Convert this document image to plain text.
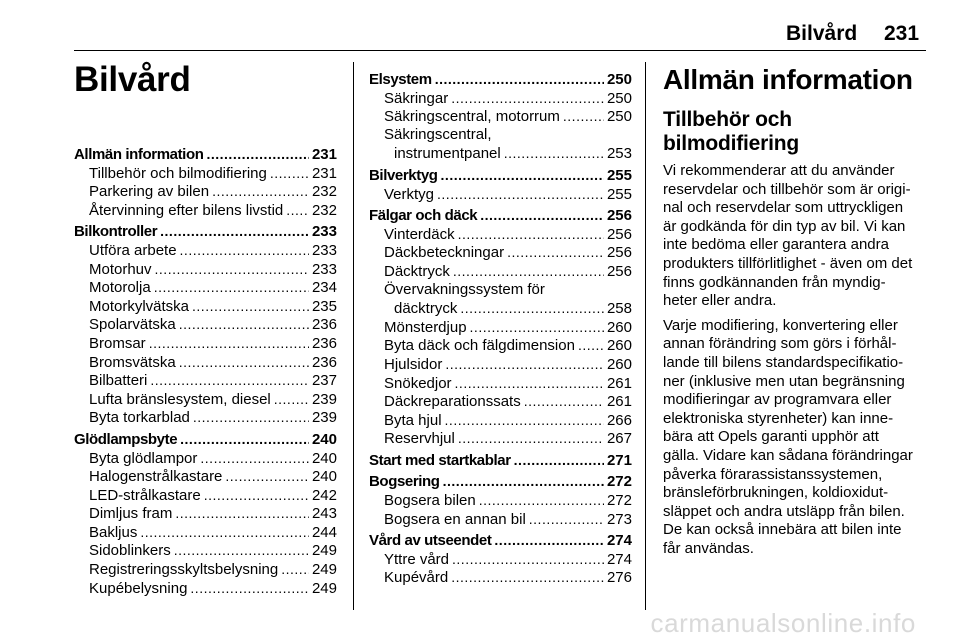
Bilvård 231
Bilvård
Allmän information .....	231
Tillbehör och bilmodifiering .....	231
Parkering av bilen .....	232
Återvinning efter bilens livstid ..... 232
Bilkontroller .....	233
Utföra arbete .....	233
Motorhuv .....	233
Motorolja .....	234
Motorkylvätska .....	235
Spolarvätska .....	236
Bromsar .....	236
Bromsvätska .....	236
Bilbatteri .....	237
Lufta bränslesystem, diesel .....	239
Byta torkarblad .....	239
Glödlampsbyte .....	240
Byta glödlampor .....	240
Halogenstrålkastare .....	240
LED-strålkastare .....	242
Dimljus fram .....	243
Bakljus .....	244
Sidoblinkers .....	249
Registreringsskyltsbelysning ..... 249
Kupébelysning .....	249
Elsystem .....	250
Säkringar .....	250
Säkringscentral, motorrum .....	250
Säkringscentral,
instrumentpanel .....	253
Bilverktyg .....	255
Verktyg .....	255
Fälgar och däck .....	256
Vinterdäck .....	256
Däckbeteckningar .....	256
Däcktryck .....	256
Övervakningssystem för
däcktryck .....	258
Mönsterdjup .....	260
Byta däck och fälgdimension ..... 260
Hjulsidor .....	260
Snökedjor .....	261
Däckreparationssats .....	261
Byta hjul .....	266
Reservhjul .....	267
Start med startkablar .....	271
Bogsering .....	272
Bogsera bilen .....	272
Bogsera en annan bil .....	273
Vård av utseendet .....	274
Yttre vård .....	274
Kupévård .....	276
Allmän information
Tillbehör och bilmodifiering
Vi rekommenderar att du använder
reservdelar och tillbehör som är origi-
nal och reservdelar som uttryckligen
är godkända för din typ av bil. Vi kan
inte bedöma eller garantera andra
produkters tillförlitlighet - även om det
finns godkännanden från myndig-
heter eller andra.
Varje modifiering, konvertering eller
annan förändring som görs i förhål-
lande till bilens standardspecifikatio-
ner (inklusive men utan begränsning
modifieringar av programvara eller
elektroniska styrenheter) kan inne-
bära att Opels garanti upphör att
gälla. Vidare kan sådana förändringar
påverka förarassistanssystemen,
bränsleförbrukningen, koldioxidut-
släppet och andra utsläpp från bilen.
De kan också innebära att bilen inte
får användas.
carmanualsonline.info
